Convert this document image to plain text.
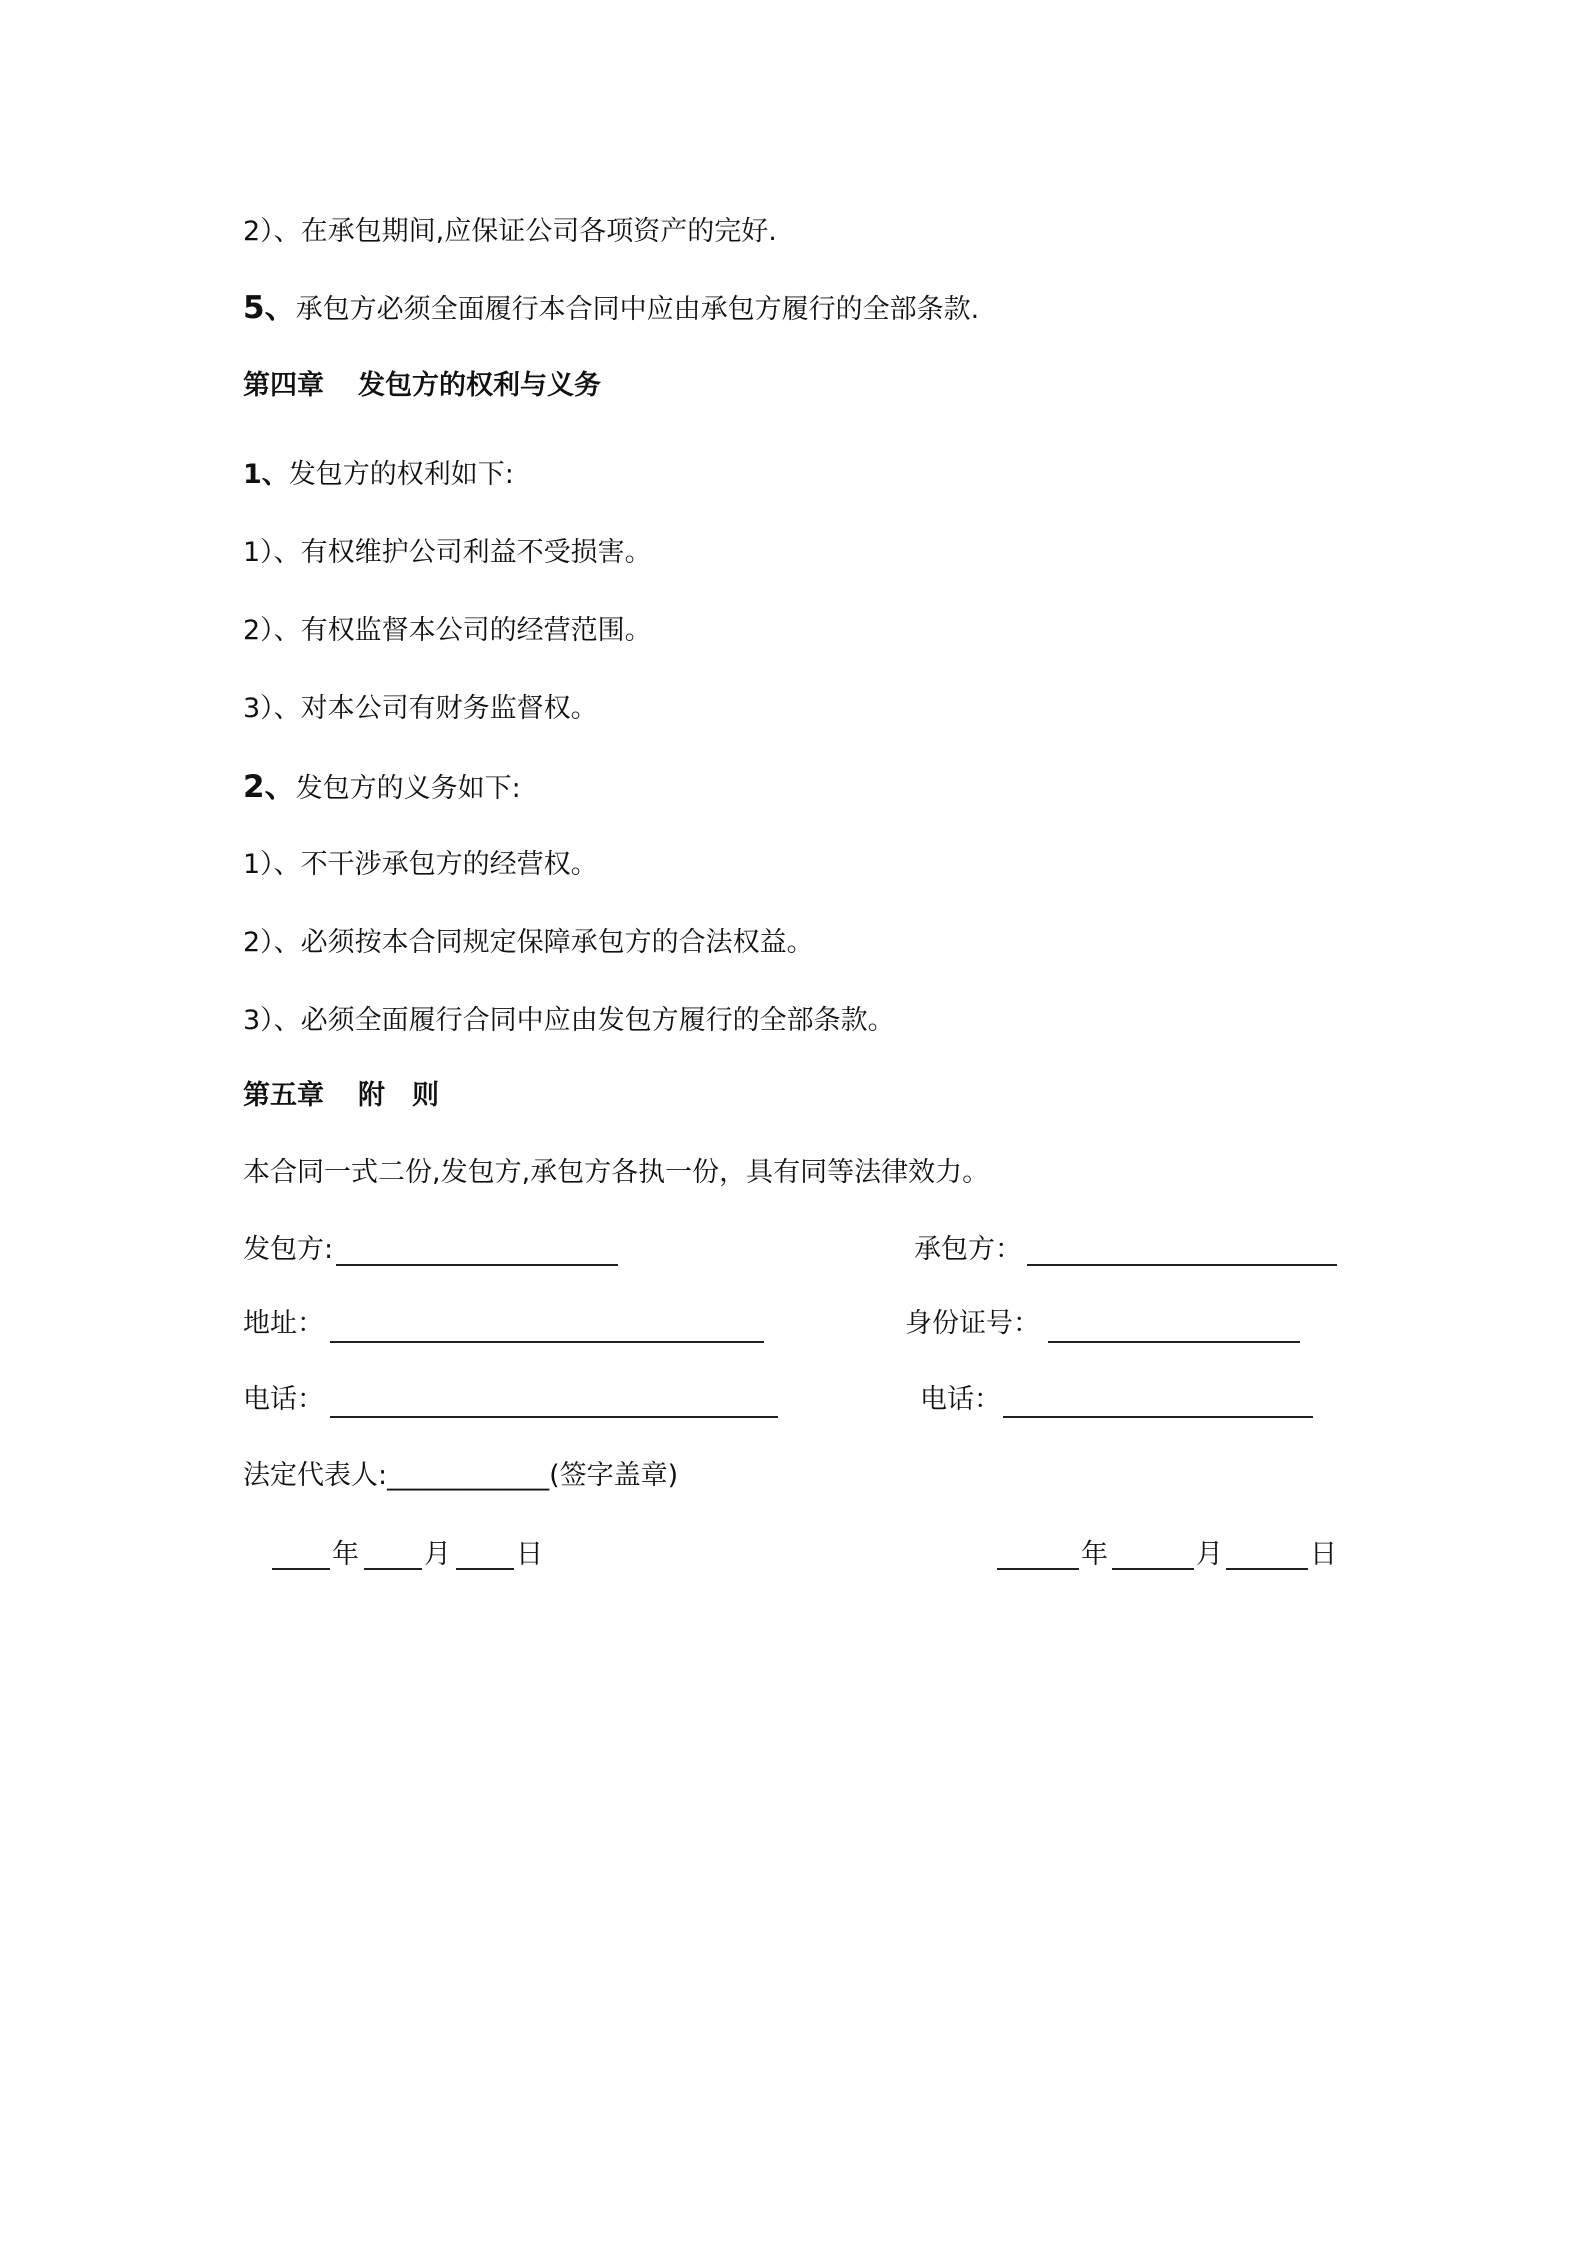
2）、在承包期间,应保证公司各项资产的完好.
5、承包方必须全面履行本合同中应由承包方履行的全部条款.
第四章 发包方的权利与义务
1、发包方的权利如下:
1）、有权维护公司利益不受损害。
2）、有权监督本公司的经营范围。
3）、对本公司有财务监督权。
2、发包方的义务如下:
1）、不干涉承包方的经营权。
2）、必须按本合同规定保障承包方的合法权益。
3）、必须全面履行合同中应由发包方履行的全部条款。
第五章 附　则
本合同一式二份,发包方,承包方各执一份，具有同等法律效力。
发包方:	承包方：
地址：	身份证号：
电话：	电话：
法定代表人:____________(签字盖章)
年 月 日	年	月	日
